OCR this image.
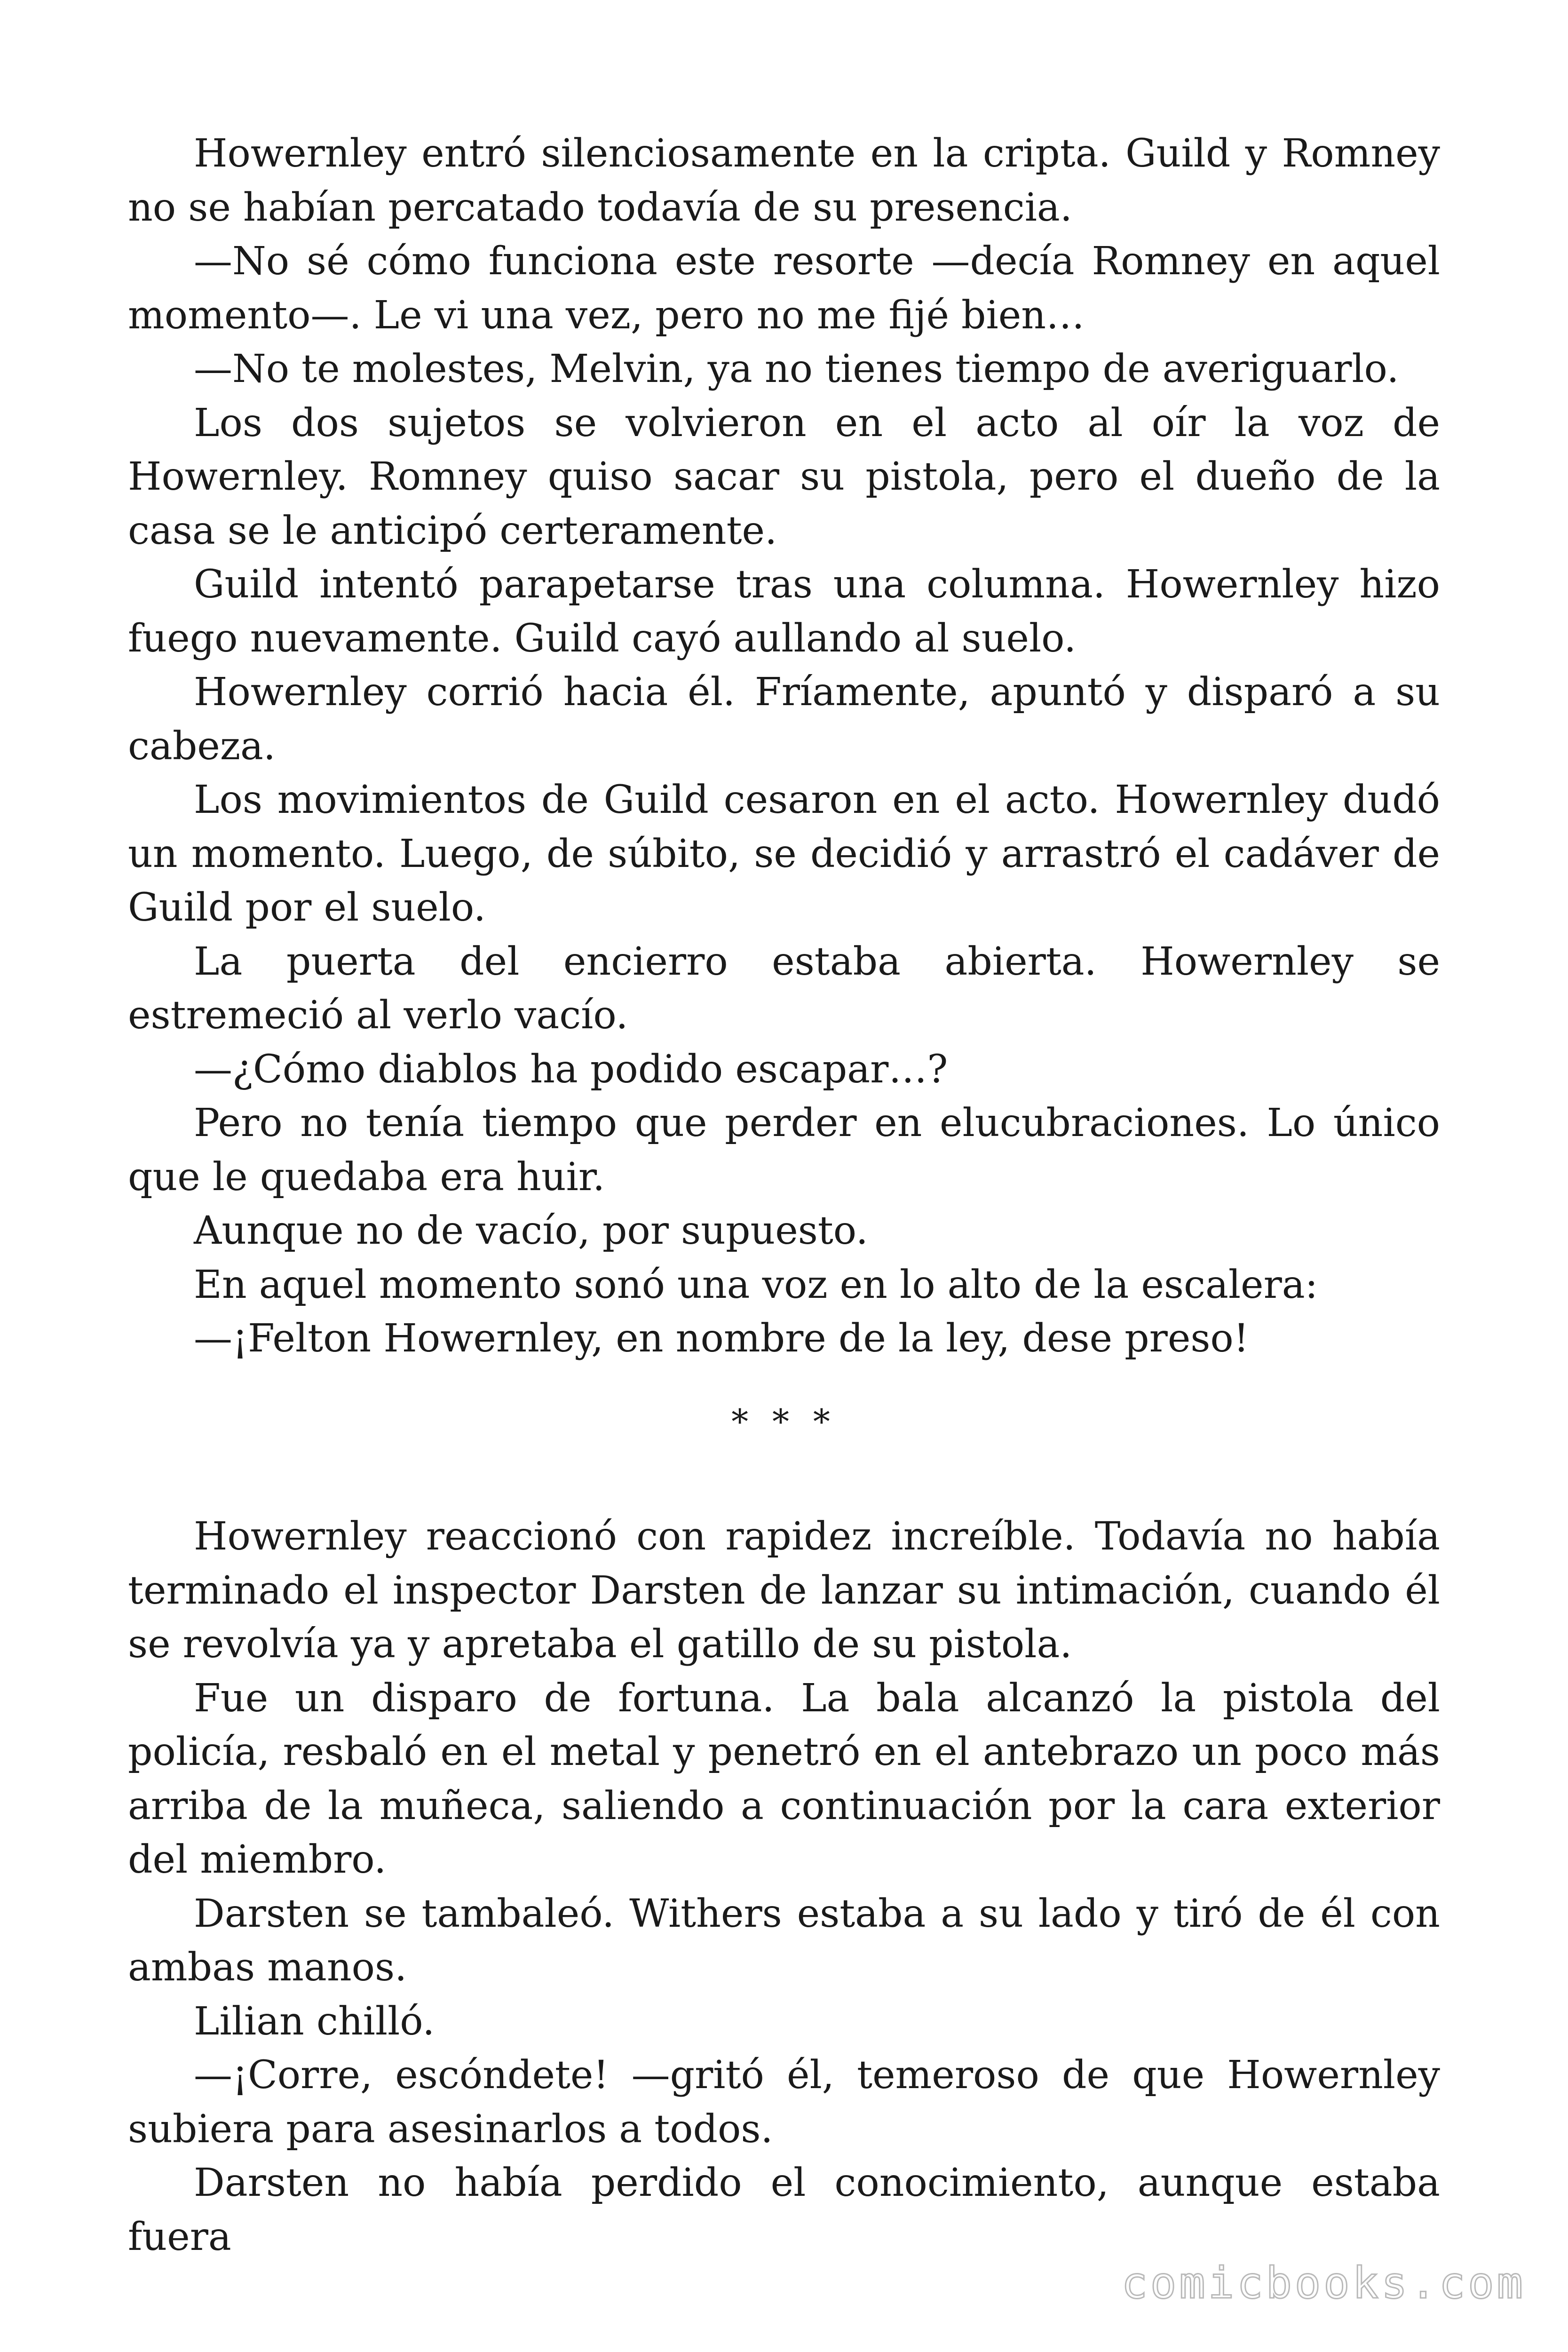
Howernley entró silenciosamente en la cripta. Guild y Romney no se habían percatado todavía de su presencia.

—No sé cómo funciona este resorte —decía Romney en aquel momento—. Le vi una vez, pero no me fijé bien…

—No te molestes, Melvin, ya no tienes tiempo de averiguarlo.

Los dos sujetos se volvieron en el acto al oír la voz de Howernley. Romney quiso sacar su pistola, pero el dueño de la casa se le anticipó certeramente.

Guild intentó parapetarse tras una columna. Howernley hizo fuego nuevamente. Guild cayó aullando al suelo.

Howernley corrió hacia él. Fríamente, apuntó y disparó a su cabeza.

Los movimientos de Guild cesaron en el acto. Howernley dudó un momento. Luego, de súbito, se decidió y arrastró el cadáver de Guild por el suelo.

La puerta del encierro estaba abierta. Howernley se estremeció al verlo vacío.

—¿Cómo diablos ha podido escapar…?

Pero no tenía tiempo que perder en elucubraciones. Lo único que le quedaba era huir.

Aunque no de vacío, por supuesto.

En aquel momento sonó una voz en lo alto de la escalera:

—¡Felton Howernley, en nombre de la ley, dese preso!

* * *

Howernley reaccionó con rapidez increíble. Todavía no había terminado el inspector Darsten de lanzar su intimación, cuando él se revolvía ya y apretaba el gatillo de su pistola.

Fue un disparo de fortuna. La bala alcanzó la pistola del policía, resbaló en el metal y penetró en el antebrazo un poco más arriba de la muñeca, saliendo a continuación por la cara exterior del miembro.

Darsten se tambaleó. Withers estaba a su lado y tiró de él con ambas manos.

Lilian chilló.

—¡Corre, escóndete! —gritó él, temeroso de que Howernley subiera para asesinarlos a todos.

Darsten no había perdido el conocimiento, aunque estaba fuera

comicbooks.com
